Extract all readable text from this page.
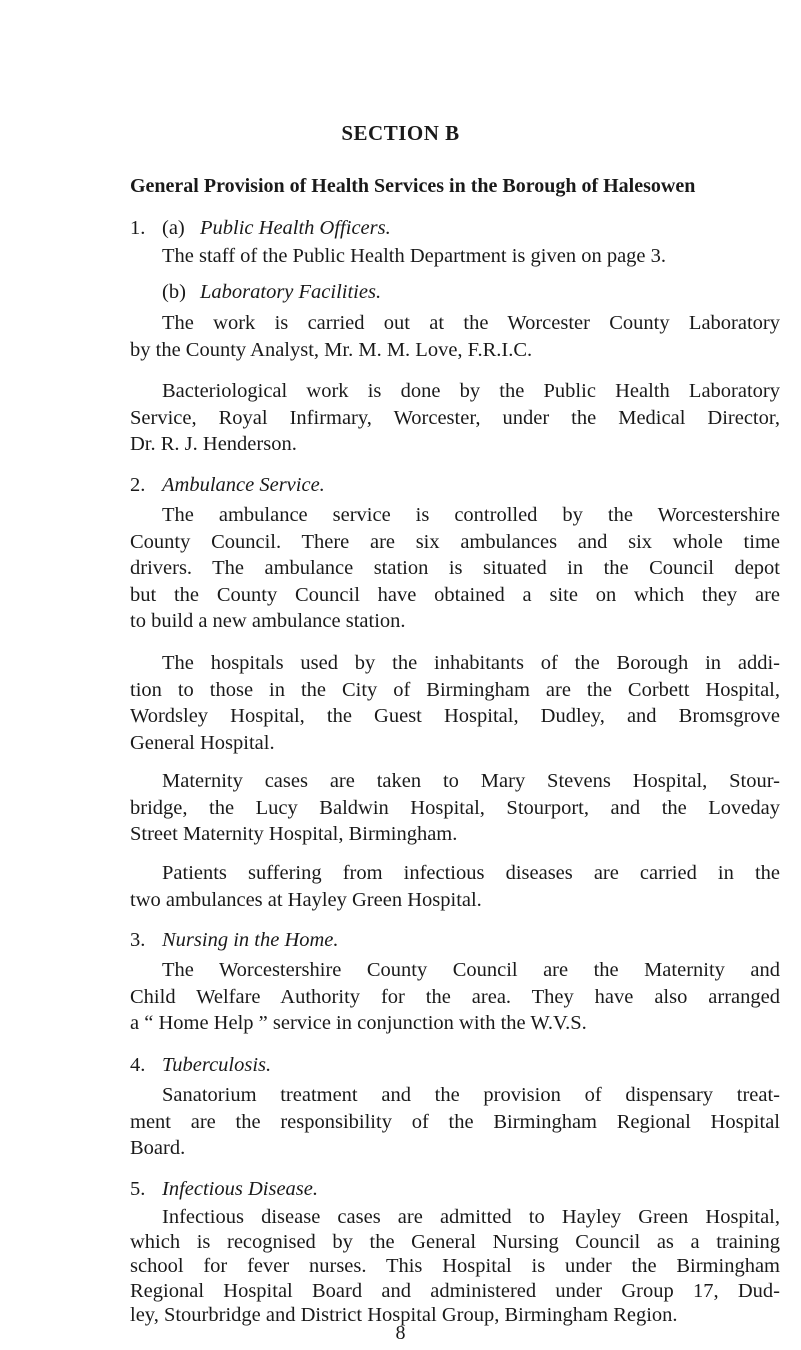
SECTION B
General Provision of Health Services in the Borough of Halesowen
1. (a) Public Health Officers.
The staff of the Public Health Department is given on page 3.
(b) Laboratory Facilities.
The work is carried out at the Worcester County Laboratory
by the County Analyst, Mr. M. M. Love, F.R.I.C.
Bacteriological work is done by the Public Health Laboratory
Service, Royal Infirmary, Worcester, under the Medical Director,
Dr. R. J. Henderson.
2. Ambulance Service.
The ambulance service is controlled by the Worcestershire
County Council. There are six ambulances and six whole time
drivers. The ambulance station is situated in the Council depot
but the County Council have obtained a site on which they are
to build a new ambulance station.
The hospitals used by the inhabitants of the Borough in addi-
tion to those in the City of Birmingham are the Corbett Hospital,
Wordsley Hospital, the Guest Hospital, Dudley, and Bromsgrove
General Hospital.
Maternity cases are taken to Mary Stevens Hospital, Stour-
bridge, the Lucy Baldwin Hospital, Stourport, and the Loveday
Street Maternity Hospital, Birmingham.
Patients suffering from infectious diseases are carried in the
two ambulances at Hayley Green Hospital.
3. Nursing in the Home.
The Worcestershire County Council are the Maternity and
Child Welfare Authority for the area. They have also arranged
a “ Home Help ” service in conjunction with the W.V.S.
4. Tuberculosis.
Sanatorium treatment and the provision of dispensary treat-
ment are the responsibility of the Birmingham Regional Hospital
Board.
5. Infectious Disease.
Infectious disease cases are admitted to Hayley Green Hospital,
which is recognised by the General Nursing Council as a training
school for fever nurses. This Hospital is under the Birmingham
Regional Hospital Board and administered under Group 17, Dud-
ley, Stourbridge and District Hospital Group, Birmingham Region.
8
